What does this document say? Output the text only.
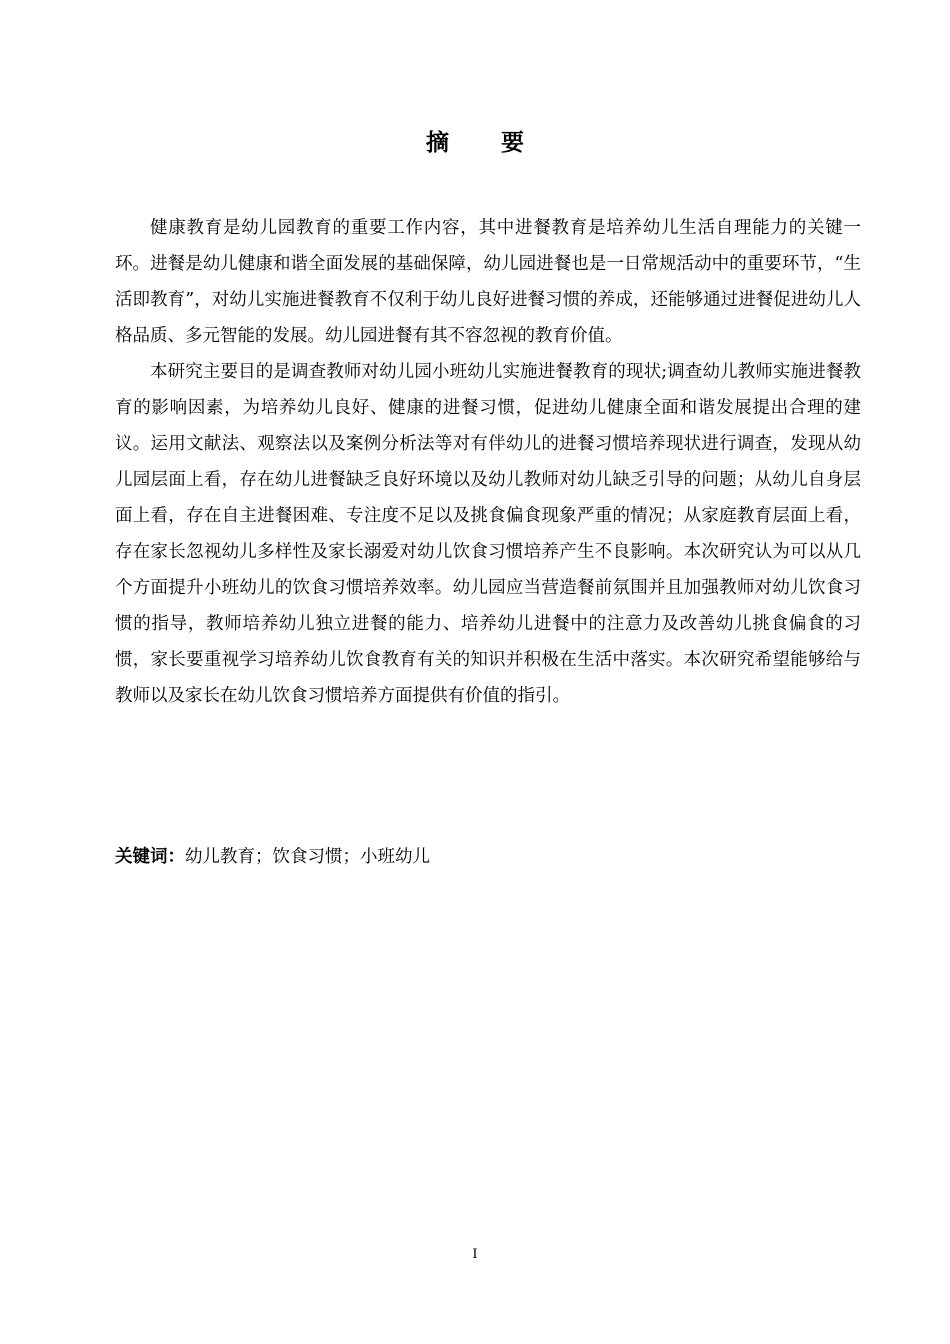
摘 要

健康教育是幼儿园教育的重要工作内容，其中进餐教育是培养幼儿生活自理能力的关键一环。进餐是幼儿健康和谐全面发展的基础保障，幼儿园进餐也是一日常规活动中的重要环节，“生活即教育”，对幼儿实施进餐教育不仅利于幼儿良好进餐习惯的养成，还能够通过进餐促进幼儿人格品质、多元智能的发展。幼儿园进餐有其不容忽视的教育价值。

本研究主要目的是调查教师对幼儿园小班幼儿实施进餐教育的现状;调查幼儿教师实施进餐教育的影响因素，为培养幼儿良好、健康的进餐习惯，促进幼儿健康全面和谐发展提出合理的建议。运用文献法、观察法以及案例分析法等对有伴幼儿的进餐习惯培养现状进行调查，发现从幼儿园层面上看，存在幼儿进餐缺乏良好环境以及幼儿教师对幼儿缺乏引导的问题；从幼儿自身层面上看，存在自主进餐困难、专注度不足以及挑食偏食现象严重的情况；从家庭教育层面上看，存在家长忽视幼儿多样性及家长溺爱对幼儿饮食习惯培养产生不良影响。本次研究认为可以从几个方面提升小班幼儿的饮食习惯培养效率。幼儿园应当营造餐前氛围并且加强教师对幼儿饮食习惯的指导，教师培养幼儿独立进餐的能力、培养幼儿进餐中的注意力及改善幼儿挑食偏食的习惯，家长要重视学习培养幼儿饮食教育有关的知识并积极在生活中落实。本次研究希望能够给与教师以及家长在幼儿饮食习惯培养方面提供有价值的指引。

关键词：幼儿教育；饮食习惯；小班幼儿
I
